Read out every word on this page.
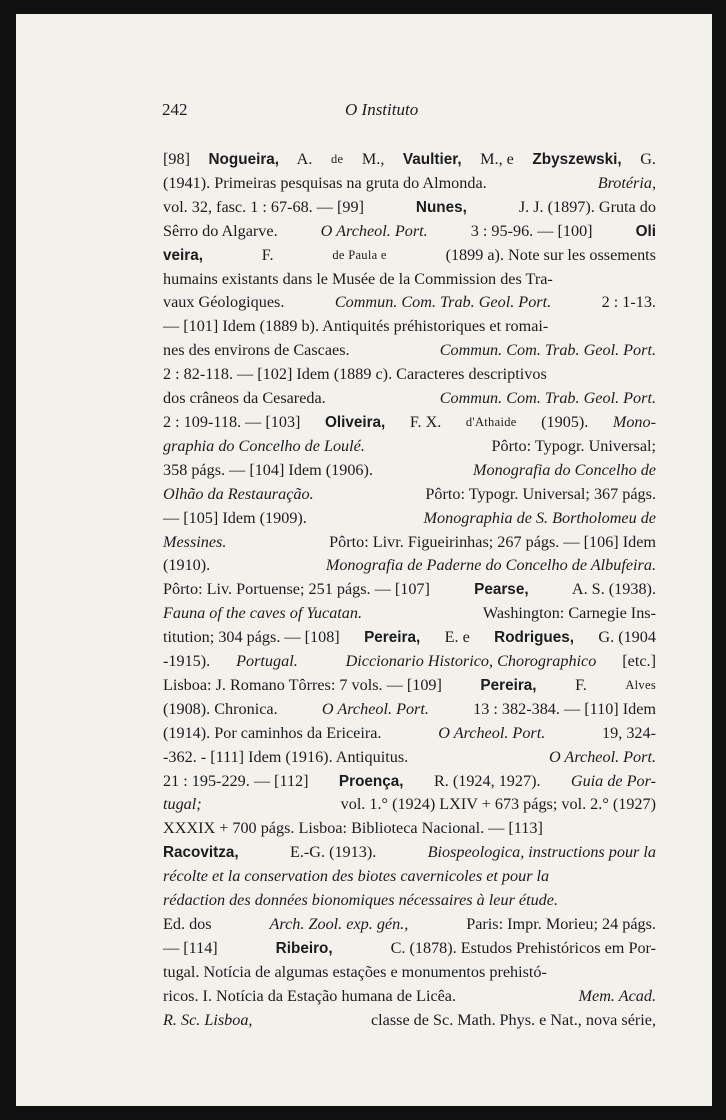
242	O Instituto
[98] Nogueira, A. de M., Vaultier, M., e Zbyszewski, G.
(1941). Primeiras pesquisas na gruta do Almonda.	Brotéria,
vol. 32, fasc. 1 : 67-68. — [99]	Nunes,	J. J. (1897). Gruta do
Sêrro do Algarve. O Archeol. Port. 3 : 95-96. — [100]	Oli
veira,	F.	de Paula e	(1899 a). Note sur les ossements
humains existants dans le Musée de la Commission des Tra-
vaux Géologiques.	Commun. Com. Trab. Geol. Port.	2 : 1-13.
— [101] Idem (1889 b). Antiquités préhistoriques et romai-
nes des environs de Cascaes.	Commun. Com. Trab. Geol. Port.
2 : 82-118. — [102] Idem (1889 c). Caracteres descriptivos
dos crâneos da Cesareda.	Commun. Com. Trab. Geol. Port.
2 : 109-118. — [103] Oliveira, F. X. d'Athaide (1905). Mono-
graphia do Concelho de Loulé.	Pôrto: Typogr. Universal;
358 págs. — [104] Idem (1906).	Monografia do Concelho de
Olhão da Restauração.	Pôrto: Typogr. Universal; 367 págs.
— [105] Idem (1909).	Monographia de S. Bortholomeu de
Messines.	Pôrto: Livr. Figueirinhas; 267 págs. — [106] Idem
(1910).	Monografia de Paderne do Concelho de Albufeira.
Pôrto: Liv. Portuense; 251 págs. — [107]	Pearse, A. S. (1938).
Fauna of the caves of Yucatan.	Washington: Carnegie Ins-
titution; 304 págs. — [108] Pereira, E. e Rodrigues, G. (1904
-1915). Portugal.
	Diccionario Historico, Chorographico [etc.]
Lisboa: J. Romano Tôrres: 7 vols. — [109] Pereira, F.	Alves
(1908). Chronica. O Archeol. Port. 13 : 382-384. — [110] Idem
(1914). Por caminhos da Ericeira.	O Archeol. Port.	19, 324-
-362. - [111] Idem (1916). Antiquitus.	O Archeol. Port.
21 : 195-229. — [112] Proença, R. (1924, 1927). Guia de Por-
tugal;	vol. 1.° (1924) LXIV + 673 págs; vol. 2.° (1927)
XXXIX + 700 págs. Lisboa: Biblioteca Nacional. — [113]
Racovitza,	E.-G. (1913).	Biospeologica, instructions pour la
récolte et la conservation des biotes cavernicoles et pour la
rédaction des données bionomiques nécessaires à leur étude.
Ed. dos	Arch. Zool. exp. gén.,	Paris: Impr. Morieu; 24 págs.
— [114]	Ribeiro,	C. (1878). Estudos Prehistóricos em Por-
tugal. Notícia de algumas estações e monumentos prehistó-
ricos. I. Notícia da Estação humana de Licêa.	Mem. Acad.
R. Sc. Lisboa,	classe de Sc. Math. Phys. e Nat., nova série,
